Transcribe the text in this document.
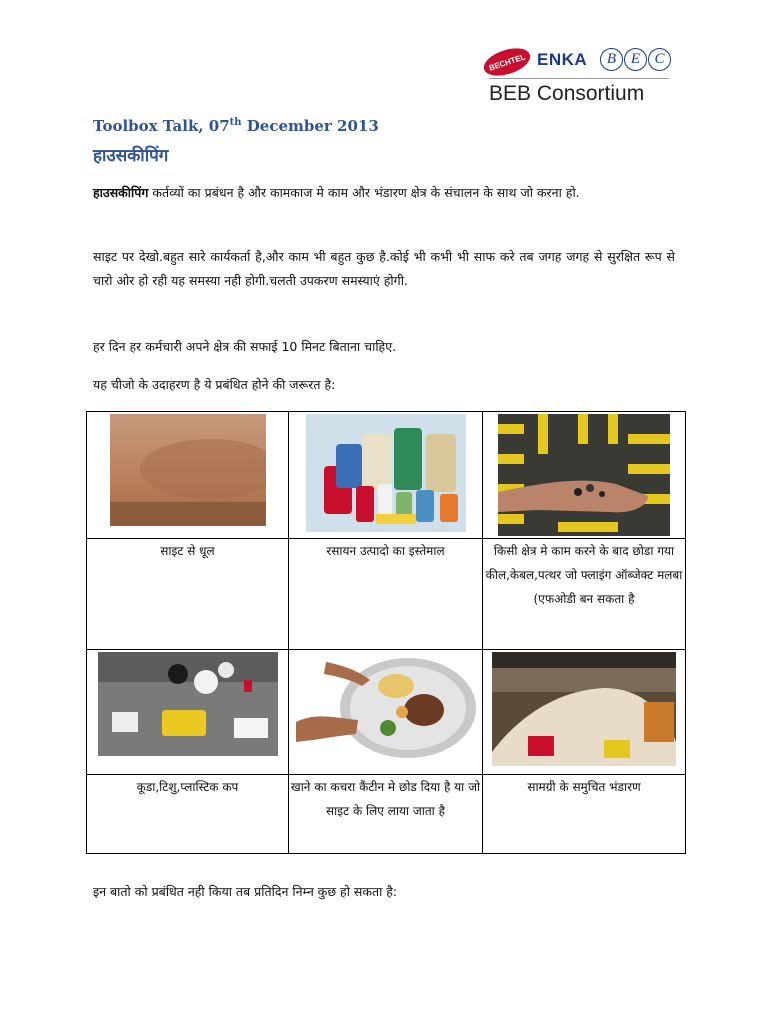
BECHTEL ENKA	B E C
BEB Consortium
Toolbox Talk, 07th December 2013
हाउसकीपिंग
हाउसकीपिंग कर्तव्यों का प्रबंधन है और कामकाज मे काम और भंडारण क्षेत्र के संचालन के साथ जो करना हो.
साइट पर देखो.बहुत सारे कार्यकर्ता है,और काम भी बहुत कुछ है.कोई भी कभी भी साफ करे तब जगह जगह से सुरक्षित रूप से चारो ओर हो रही यह समस्या नही होगी.चलती उपकरण समस्याएं होगी.
हर दिन हर कर्मचारी अपने क्षेत्र की सफाई 10 मिनट बिताना चाहिए.
यह चीजो के उदाहरण है ये प्रबंधित होने की जरूरत है:

साइट से धूल	रसायन उत्पादो का इस्तेमाल	किसी क्षेत्र मे काम करने के बाद छोडा गया कील,केबल,पत्थर जो फ्लाइंग ऑब्जेक्ट मलबा (एफओडी बन सकता है

कूडा,टिशु,प्लास्टिक कप	खाने का कचरा कैंटीन मे छोड दिया है या जो साइट के लिए लाया जाता है	सामग्री के समुचित भंडारण
इन बातो को प्रबंधित नही किया तब प्रतिदिन निम्न कुछ हो सकता है:
